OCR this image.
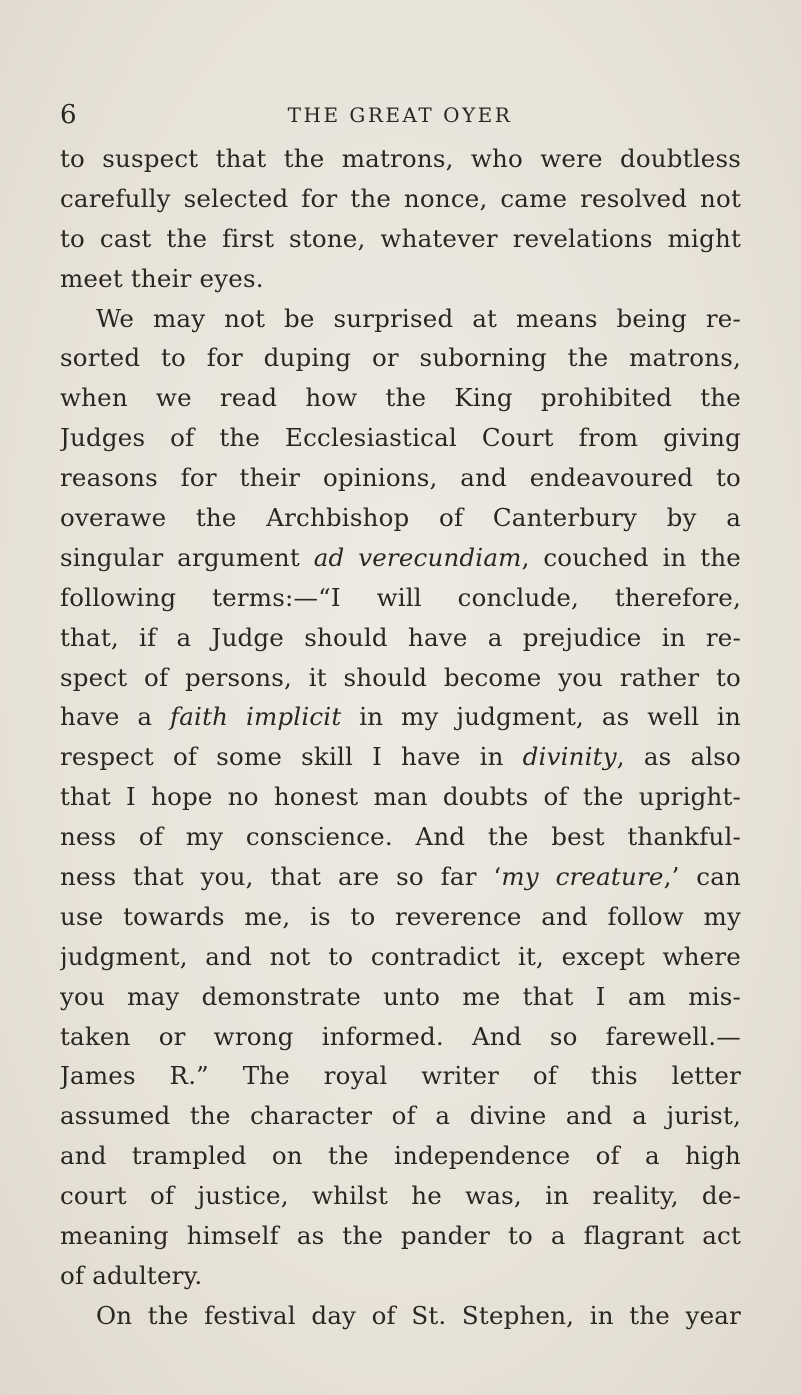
6	THE GREAT OYER
to suspect that the matrons, who were doubtless
carefully selected for the nonce, came resolved not
to cast the first stone, whatever revelations might
meet their eyes.
We may not be surprised at means being re-
sorted to for duping or suborning the matrons,
when we read how the King prohibited the
Judges of the Ecclesiastical Court from giving
reasons for their opinions, and endeavoured to
overawe the Archbishop of Canterbury by a
singular argument ad verecundiam, couched in the
following terms:—“I will conclude, therefore,
that, if a Judge should have a prejudice in re-
spect of persons, it should become you rather to
have a faith implicit in my judgment, as well in
respect of some skill I have in divinity, as also
that I hope no honest man doubts of the upright-
ness of my conscience. And the best thankful-
ness that you, that are so far ‘my creature,’ can
use towards me, is to reverence and follow my
judgment, and not to contradict it, except where
you may demonstrate unto me that I am mis-
taken or wrong informed. And so farewell.—
James R.” The royal writer of this letter
assumed the character of a divine and a jurist,
and trampled on the independence of a high
court of justice, whilst he was, in reality, de-
meaning himself as the pander to a flagrant act
of adultery.
On the festival day of St. Stephen, in the year
